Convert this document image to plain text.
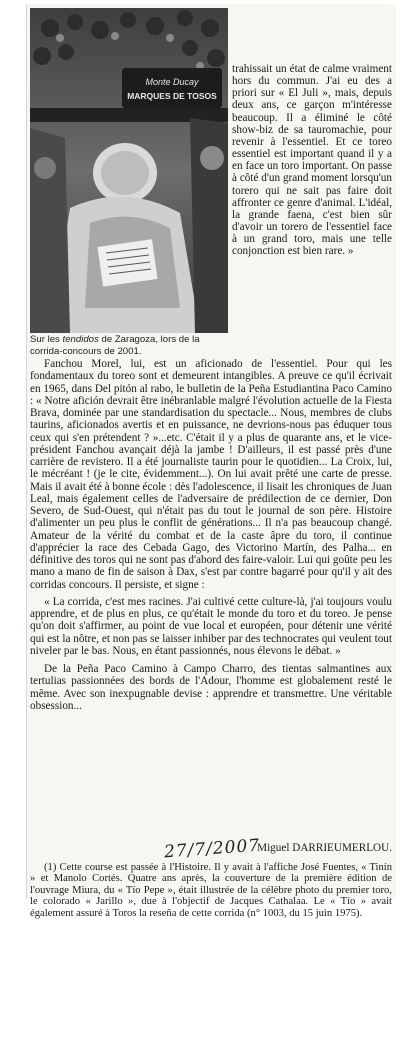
Monte Ducay
MARQUES DE TOSOS
Sur les tendidos de Zaragoza, lors de la corrida-concours de 2001.

trahissait un état de calme vraiment hors du commun. J'ai eu des a priori sur « El Juli », mais, depuis deux ans, ce garçon m'intéresse beaucoup. Il a éliminé le côté show-biz de sa tauromachie, pour revenir à l'essentiel. Et ce toreo essentiel est important quand il y a en face un toro important. On passe à côté d'un grand moment lorsqu'un torero qui ne sait pas faire doit affronter ce genre d'animal. L'idéal, la grande faena, c'est bien sûr d'avoir un torero de l'essentiel face à un grand toro, mais une telle conjonction est bien rare. »

Fanchou Morel, lui, est un aficionado de l'essentiel. Pour qui les fondamentaux du toreo sont et demeurent intangibles. A preuve ce qu'il écrivait en 1965, dans Del pitón al rabo, le bulletin de la Peña Estudiantina Paco Camino : « Notre afición devrait être inébranlable malgré l'évolution actuelle de la Fiesta Brava, dominée par une standardisation du spectacle... Nous, membres de clubs taurins, aficionados avertis et en puissance, ne devrions-nous pas éduquer tous ceux qui s'en prétendent ? »...etc. C'était il y a plus de quarante ans, et le vice-président Fanchou avançait déjà la jambe ! D'ailleurs, il est passé près d'une carrière de revistero. Il a été journaliste taurin pour le quotidien... La Croix, lui, le mécréant ! (je le cite, évidemment...). On lui avait prêté une carte de presse. Mais il avait été à bonne école : dès l'adolescence, il lisait les chroniques de Juan Leal, mais également celles de l'adversaire de prédilection de ce dernier, Don Severo, de Sud-Ouest, qui n'était pas du tout le journal de son père. Histoire d'alimenter un peu plus le conflit de générations... Il n'a pas beaucoup changé. Amateur de la vérité du combat et de la caste âpre du toro, il continue d'apprécier la race des Cebada Gago, des Victorino Martín, des Palha... en définitive des toros qui ne sont pas d'abord des faire-valoir. Lui qui goûte peu les mano a mano de fin de saison à Dax, s'est par contre bagarré pour qu'il y ait des corridas concours. Il persiste, et signe :

« La corrida, c'est mes racines. J'ai cultivé cette culture-là, j'ai toujours voulu apprendre, et de plus en plus, ce qu'était le monde du toro et du toreo. Je pense qu'on doit s'affirmer, au point de vue local et européen, pour détenir une vérité qui est la nôtre, et non pas se laisser inhiber par des technocrates qui veulent tout niveler par le bas. Nous, en étant passionnés, nous élevons le débat. »

De la Peña Paco Camino à Campo Charro, des tientas salmantines aux tertulias passionnées des bords de l'Adour, l'homme est globalement resté le même. Avec son inexpugnable devise : apprendre et transmettre. Une véritable obsession...

27/7/2007
Miguel DARRIEUMERLOU.

(1) Cette course est passée à l'Histoire. Il y avait à l'affiche José Fuentes, « Tinín » et Manolo Cortés. Quatre ans après, la couverture de la première édition de l'ouvrage Miura, du « Tío Pepe », était illustrée de la célèbre photo du premier toro, le colorado « Jarillo », due à l'objectif de Jacques Cathalaa. Le « Tío » avait également assuré à Toros la reseña de cette corrida (n° 1003, du 15 juin 1975).
